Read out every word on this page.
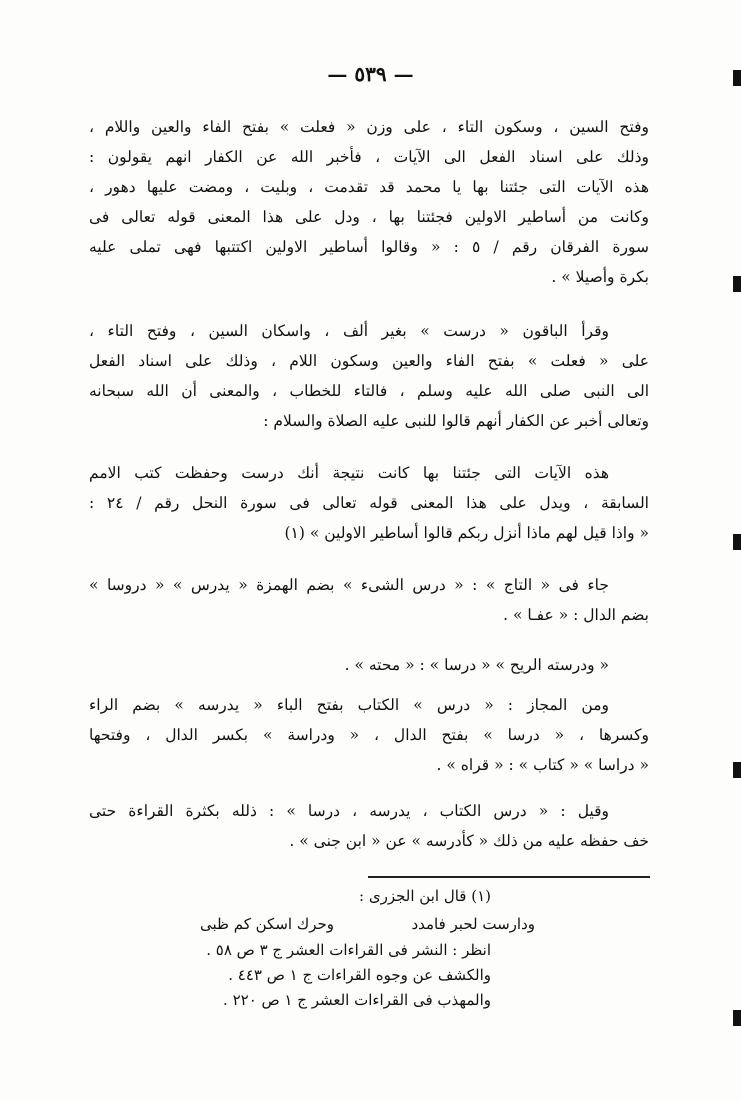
— ٥٣٩ —
وفتح السين ، وسكون التاء ، على وزن « فعلت » بفتح الفاء والعين واللام ،
وذلك على اسناد الفعل الى الآيات ، فأخبر الله عن الكفار انهم يقولون :
هذه الآيات التى جئتنا بها يا محمد قد تقدمت ، وبليت ، ومضت عليها دهور ،
وكانت من أساطير الاولين فجئتنا بها ، ودل على هذا المعنى قوله تعالى فى
سورة الفرقان رقم / ٥ : « وقالوا أساطير الاولين اكتتبها فهى تملى عليه
بكرة وأصيلا » .
وقرأ الباقون « درست » بغير ألف ، واسكان السين ، وفتح التاء ،
على « فعلت » بفتح الفاء والعين وسكون اللام ، وذلك على اسناد الفعل
الى النبى صلى الله عليه وسلم ، فالتاء للخطاب ، والمعنى أن الله سبحانه
وتعالى أخبر عن الكفار أنهم قالوا للنبى عليه الصلاة والسلام :
هذه الآيات التى جئتنا بها كانت نتيجة أنك درست وحفظت كتب الامم
السابقة ، ويدل على هذا المعنى قوله تعالى فى سورة النحل رقم / ٢٤ :
« واذا قيل لهم ماذا أنزل ربكم قالوا أساطير الاولين » (١)
جاء فى « التاج » : « درس الشىء » بضم الهمزة « يدرس » « دروسا »
بضم الدال : « عفـا » .
« ودرسته الريح » « درسا » : « محته » .
ومن المجاز : « درس » الكتاب بفتح الباء « يدرسه » بضم الراء
وكسرها ، « درسا » بفتح الدال ، « ودراسة » بكسر الدال ، وفتحها
« دراسا » « كتاب » : « قراه » .
وقيل : « درس الكتاب ، يدرسه ، درسا » : ذلله بكثرة القراءة حتى
خف حفظه عليه من ذلك « كأدرسه » عن « ابن جنى » .
(١) قال ابن الجزرى :
ودارست لحبر فامدد
وحرك اسكن كم ظبى
انظر : النشر فى القراءات العشر ج ٣ ص ٥٨ .
والكشف عن وجوه القراءات ج ١ ص ٤٤٣ .
والمهذب فى القراءات العشر ج ١ ص ٢٢٠ .
